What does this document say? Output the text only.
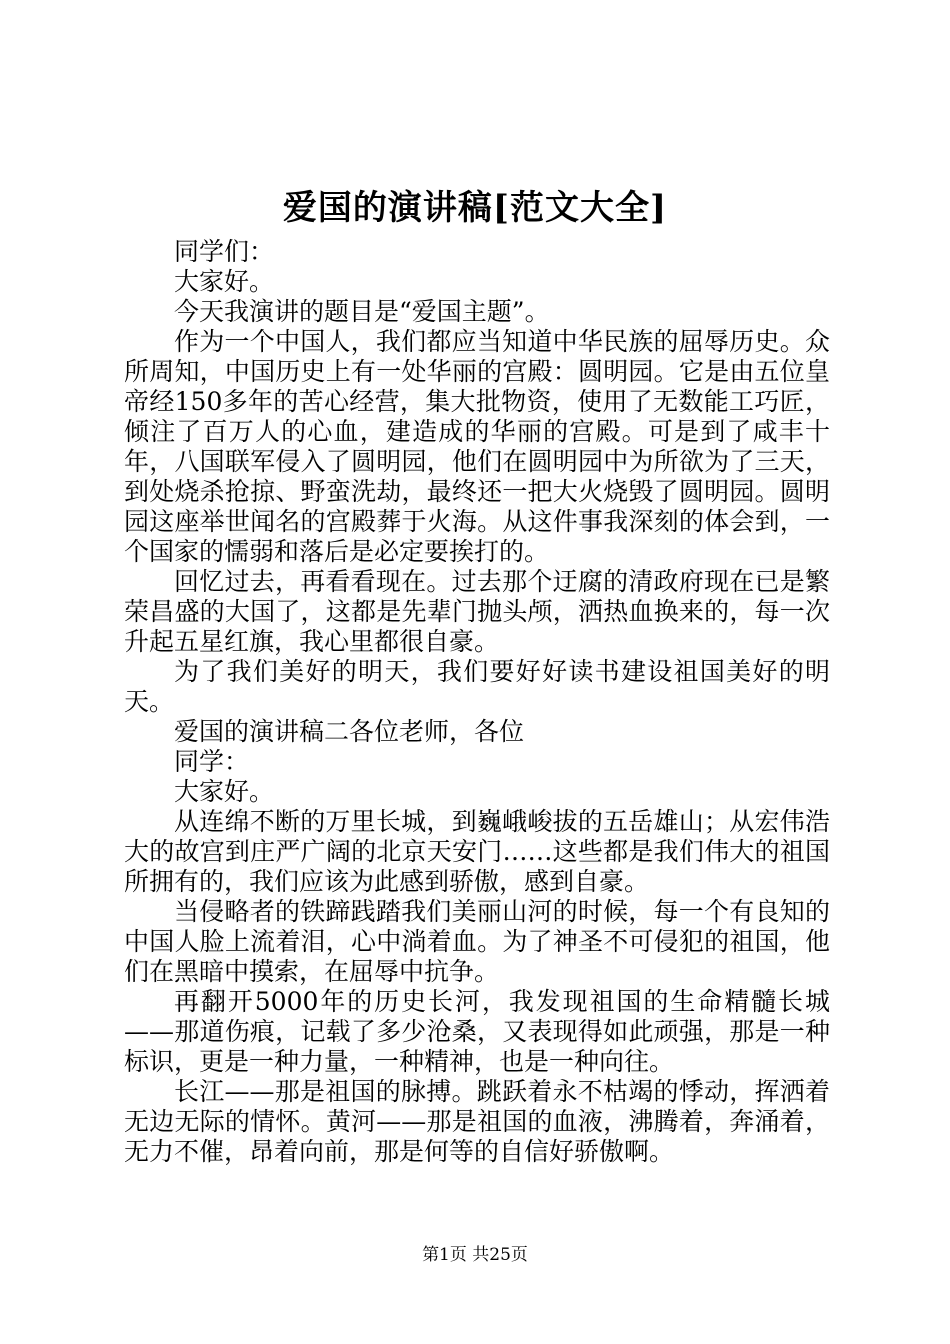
爱国的演讲稿[范文大全]

同学们：

大家好。

今天我演讲的题目是“爱国主题”。

作为一个中国人，我们都应当知道中华民族的屈辱历史。众所周知，中国历史上有一处华丽的宫殿：圆明园。它是由五位皇帝经150多年的苦心经营，集大批物资，使用了无数能工巧匠，倾注了百万人的心血，建造成的华丽的宫殿。可是到了咸丰十年，八国联军侵入了圆明园，他们在圆明园中为所欲为了三天，到处烧杀抢掠、野蛮洗劫，最终还一把大火烧毁了圆明园。圆明园这座举世闻名的宫殿葬于火海。从这件事我深刻的体会到，一个国家的懦弱和落后是必定要挨打的。

回忆过去，再看看现在。过去那个迂腐的清政府现在已是繁荣昌盛的大国了，这都是先辈门抛头颅，洒热血换来的，每一次升起五星红旗，我心里都很自豪。

为了我们美好的明天，我们要好好读书建设祖国美好的明天。

爱国的演讲稿二各位老师，各位

同学：

大家好。

从连绵不断的万里长城，到巍峨峻拔的五岳雄山；从宏伟浩大的故宫到庄严广阔的北京天安门……这些都是我们伟大的祖国所拥有的，我们应该为此感到骄傲，感到自豪。

当侵略者的铁蹄践踏我们美丽山河的时候，每一个有良知的中国人脸上流着泪，心中淌着血。为了神圣不可侵犯的祖国，他们在黑暗中摸索，在屈辱中抗争。

再翻开5000年的历史长河，我发现祖国的生命精髓长城——那道伤痕，记载了多少沧桑，又表现得如此顽强，那是一种标识，更是一种力量，一种精神，也是一种向往。

长江——那是祖国的脉搏。跳跃着永不枯竭的悸动，挥洒着无边无际的情怀。黄河——那是祖国的血液，沸腾着，奔涌着，无力不催，昂着向前，那是何等的自信好骄傲啊。

第1页 共25页
